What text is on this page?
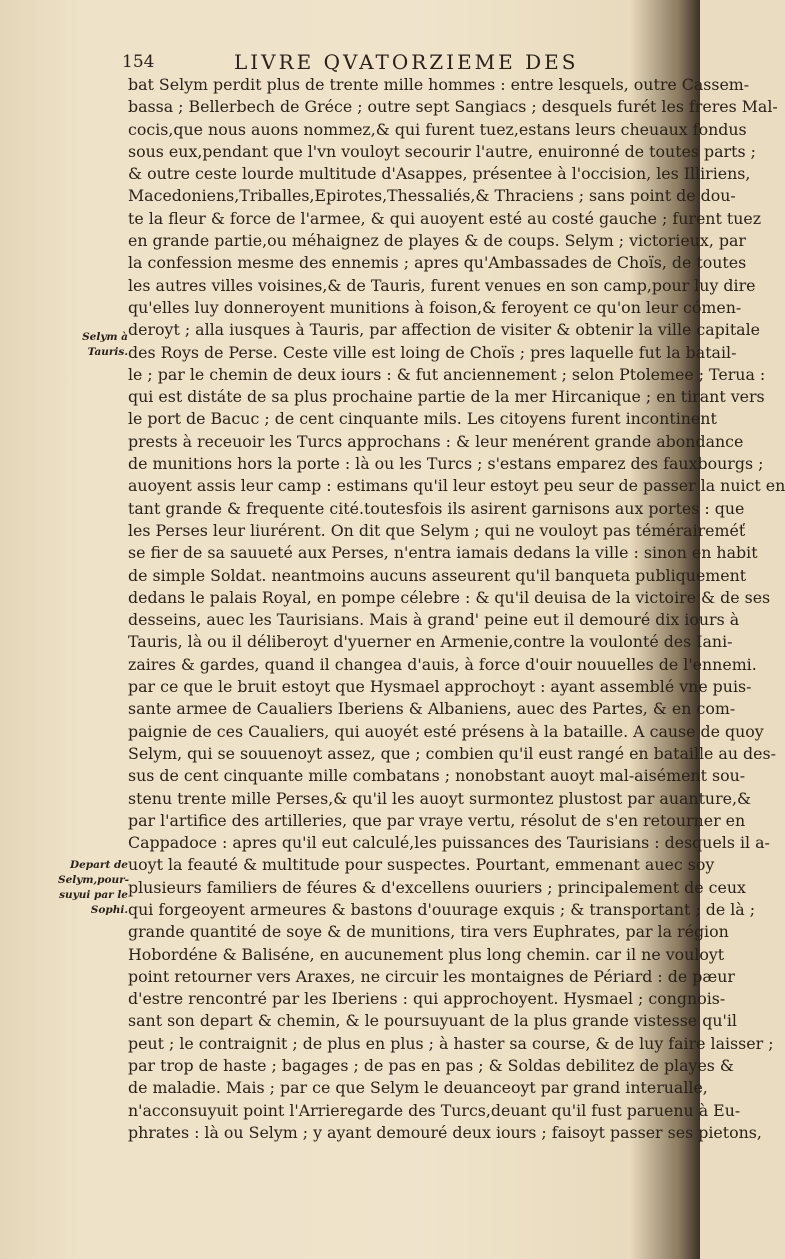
154	LIVRE QVATORZIEME DES
Selym à
Tauris.
Depart de
Selym,pour-
suyui par le
Sophi.
bat Selym perdit plus de trente mille hommes : entre lesquels, outre Cassem-
bassa ; Bellerbech de Gréce ; outre sept Sangiacs ; desquels furét les freres Mal-
cocis,que nous auons nommez,& qui furent tuez,estans leurs cheuaux fondus
sous eux,pendant que l'vn vouloyt secourir l'autre, enuironné de toutes parts ;
& outre ceste lourde multitude d'Asappes, présentee à l'occision, les Illiriens,
Macedoniens,Triballes,Epirotes,Thessaliés,& Thraciens ; sans point de dou-
te la fleur & force de l'armee, & qui auoyent esté au costé gauche ; furent tuez
en grande partie,ou méhaignez de playes & de coups. Selym ; victorieux, par
la confession mesme des ennemis ; apres qu'Ambassades de Choïs, de toutes
les autres villes voisines,& de Tauris, furent venues en son camp,pour luy dire
qu'elles luy donneroyent munitions à foison,& feroyent ce qu'on leur cómen-
deroyt ; alla iusques à Tauris, par affection de visiter & obtenir la ville capitale
des Roys de Perse. Ceste ville est loing de Choïs ; pres laquelle fut la batail-
le ; par le chemin de deux iours : & fut anciennement ; selon Ptolemee ; Terua :
qui est distáte de sa plus prochaine partie de la mer Hircanique ; en tirant vers
le port de Bacuc ; de cent cinquante mils. Les citoyens furent incontinent
prests à receuoir les Turcs approchans : & leur menérent grande abondance
de munitions hors la porte : là ou les Turcs ; s'estans emparez des fauxbourgs ;
auoyent assis leur camp : estimans qu'il leur estoyt peu seur de passer la nuict en
tant grande & frequente cité.toutesfois ils asirent garnisons aux portes : que
les Perses leur liurérent. On dit que Selym ; qui ne vouloyt pas téméraireméť
se fier de sa sauueté aux Perses, n'entra iamais dedans la ville : sinon en habit
de simple Soldat. neantmoins aucuns asseurent qu'il banqueta publiquement
dedans le palais Royal, en pompe célebre : & qu'il deuisa de la victoire & de ses
desseins, auec les Taurisians. Mais à grand' peine eut il demouré dix iours à
Tauris, là ou il déliberoyt d'yuerner en Armenie,contre la voulonté des Iani-
zaires & gardes, quand il changea d'auis, à force d'ouir nouuelles de l'ennemi.
par ce que le bruit estoyt que Hysmael approchoyt : ayant assemblé vne puis-
sante armee de Caualiers Iberiens & Albaniens, auec des Partes, & en com-
paignie de ces Caualiers, qui auoyét esté présens à la bataille. A cause de quoy
Selym, qui se souuenoyt assez, que ; combien qu'il eust rangé en bataille au des-
sus de cent cinquante mille combatans ; nonobstant auoyt mal-aisément sou-
stenu trente mille Perses,& qu'il les auoyt surmontez plustost par auanture,&
par l'artifice des artilleries, que par vraye vertu, résolut de s'en retourner en
Cappadoce : apres qu'il eut calculé,les puissances des Taurisians : desquels il a-
uoyt la feauté & multitude pour suspectes. Pourtant, emmenant auec soy
plusieurs familiers de féures & d'excellens ouuriers ; principalement de ceux
qui forgeoyent armeures & bastons d'ouurage exquis ; & transportant ; de là ;
grande quantité de soye & de munitions, tira vers Euphrates, par la région
Hobordéne & Baliséne, en aucunement plus long chemin. car il ne vouloyt
point retourner vers Araxes, ne circuir les montaignes de Périard : de pæur
d'estre rencontré par les Iberiens : qui approchoyent. Hysmael ; congnois-
sant son depart & chemin, & le poursuyuant de la plus grande vistesse qu'il
peut ; le contraignit ; de plus en plus ; à haster sa course, & de luy faire laisser ;
par trop de haste ; bagages ; de pas en pas ; & Soldas debilitez de playes &
de maladie. Mais ; par ce que Selym le deuanceoyt par grand interualle,
n'acconsuyuit point l'Arrieregarde des Turcs,deuant qu'il fust paruenu à Eu-
phrates : là ou Selym ; y ayant demouré deux iours ; faisoyt passer ses pietons,
